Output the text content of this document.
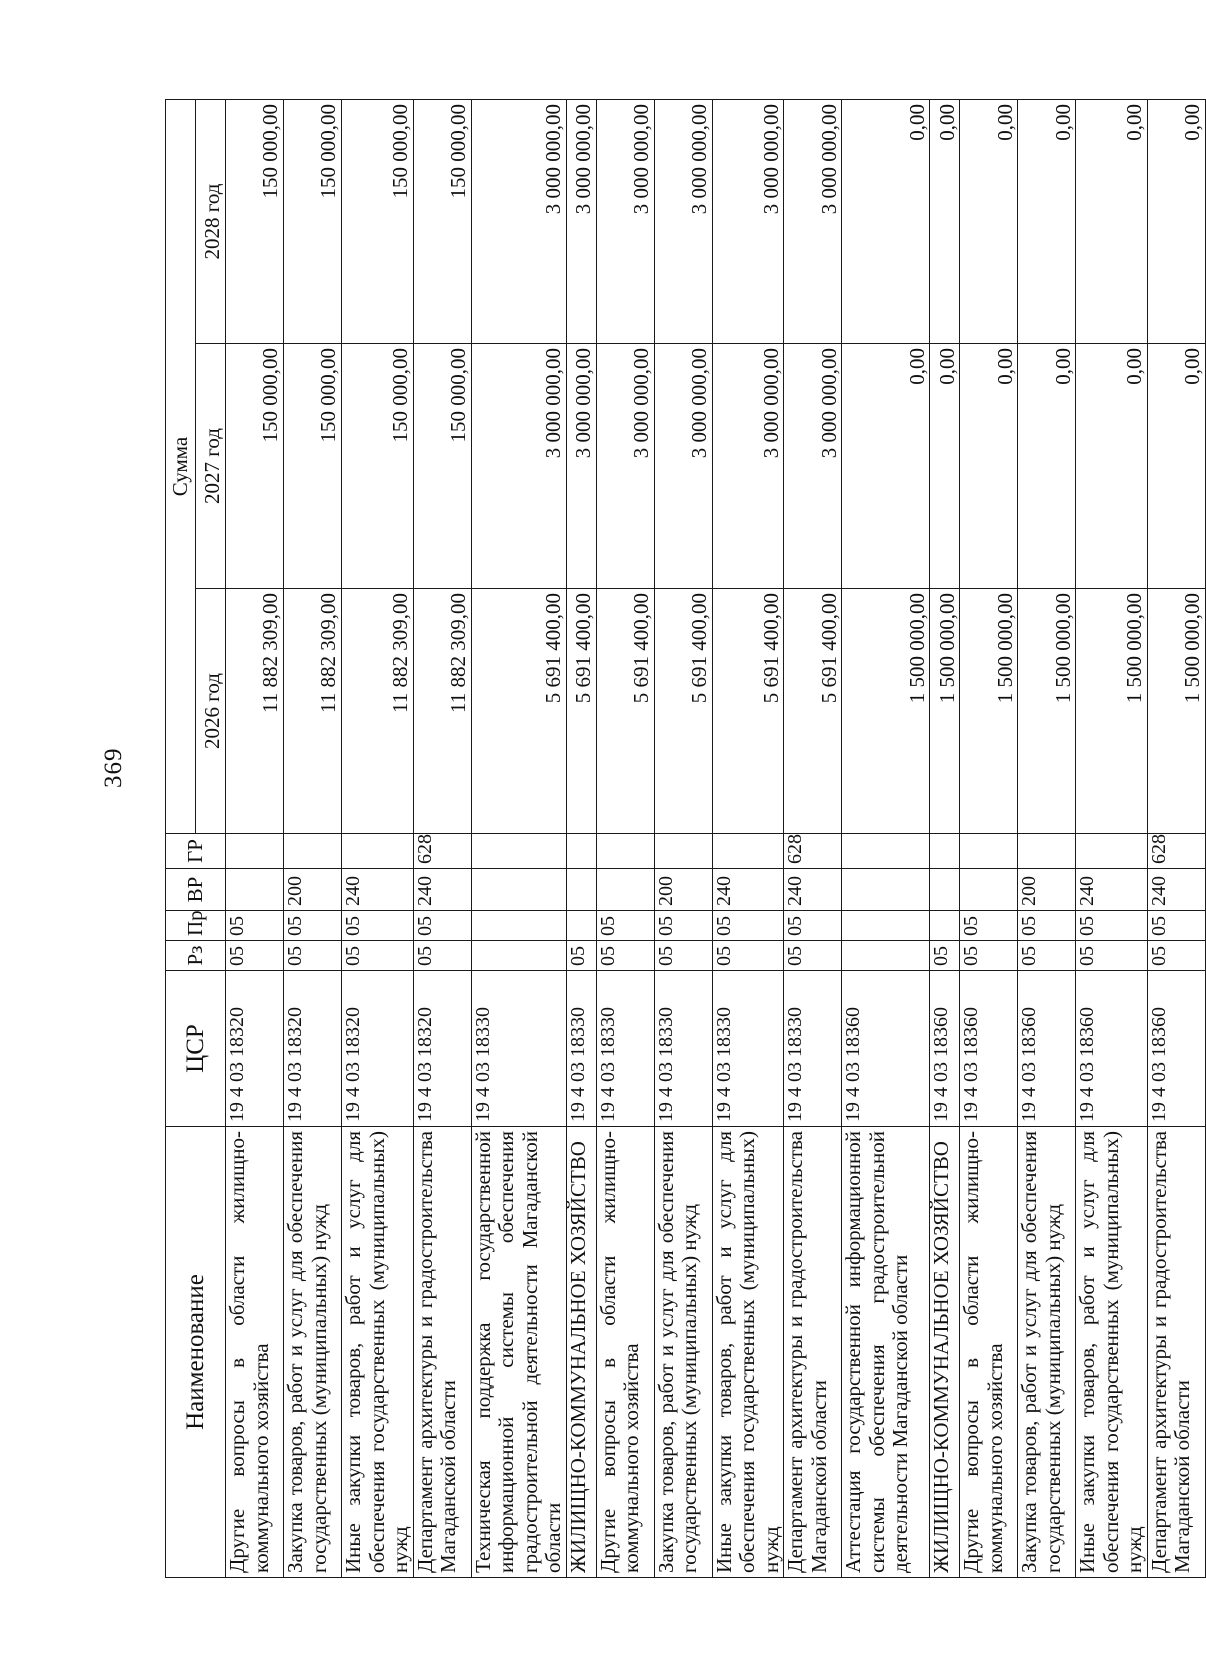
369
Наименование	ЦСР	Рз	Пр	ВР	ГР	Сумма		
						2026 год	2027 год	2028 год
Другие вопросы в области жилищно-коммунального хозяйства	19 4 03 18320	05	05			11 882 309,00	150 000,00	150 000,00
Закупка товаров, работ и услуг для обеспечения государственных (муниципальных) нужд	19 4 03 18320	05	05	200		11 882 309,00	150 000,00	150 000,00
Иные закупки товаров, работ и услуг для обеспечения государственных (муниципальных) нужд	19 4 03 18320	05	05	240		11 882 309,00	150 000,00	150 000,00
Департамент архитектуры и градостроительства Магаданской области	19 4 03 18320	05	05	240	628	11 882 309,00	150 000,00	150 000,00
Техническая поддержка государственной информационной системы обеспечения градостроительной деятельности Магаданской области	19 4 03 18330					5 691 400,00	3 000 000,00	3 000 000,00
ЖИЛИЩНО-КОММУНАЛЬНОЕ ХОЗЯЙСТВО	19 4 03 18330	05				5 691 400,00	3 000 000,00	3 000 000,00
Другие вопросы в области жилищно-коммунального хозяйства	19 4 03 18330	05	05			5 691 400,00	3 000 000,00	3 000 000,00
Закупка товаров, работ и услуг для обеспечения государственных (муниципальных) нужд	19 4 03 18330	05	05	200		5 691 400,00	3 000 000,00	3 000 000,00
Иные закупки товаров, работ и услуг для обеспечения государственных (муниципальных) нужд	19 4 03 18330	05	05	240		5 691 400,00	3 000 000,00	3 000 000,00
Департамент архитектуры и градостроительства Магаданской области	19 4 03 18330	05	05	240	628	5 691 400,00	3 000 000,00	3 000 000,00
Аттестация государственной информационной системы обеспечения градостроительной деятельности Магаданской области	19 4 03 18360					1 500 000,00	0,00	0,00
ЖИЛИЩНО-КОММУНАЛЬНОЕ ХОЗЯЙСТВО	19 4 03 18360	05				1 500 000,00	0,00	0,00
Другие вопросы в области жилищно-коммунального хозяйства	19 4 03 18360	05	05			1 500 000,00	0,00	0,00
Закупка товаров, работ и услуг для обеспечения государственных (муниципальных) нужд	19 4 03 18360	05	05	200		1 500 000,00	0,00	0,00
Иные закупки товаров, работ и услуг для обеспечения государственных (муниципальных) нужд	19 4 03 18360	05	05	240		1 500 000,00	0,00	0,00
Департамент архитектуры и градостроительства Магаданской области	19 4 03 18360	05	05	240	628	1 500 000,00	0,00	0,00
